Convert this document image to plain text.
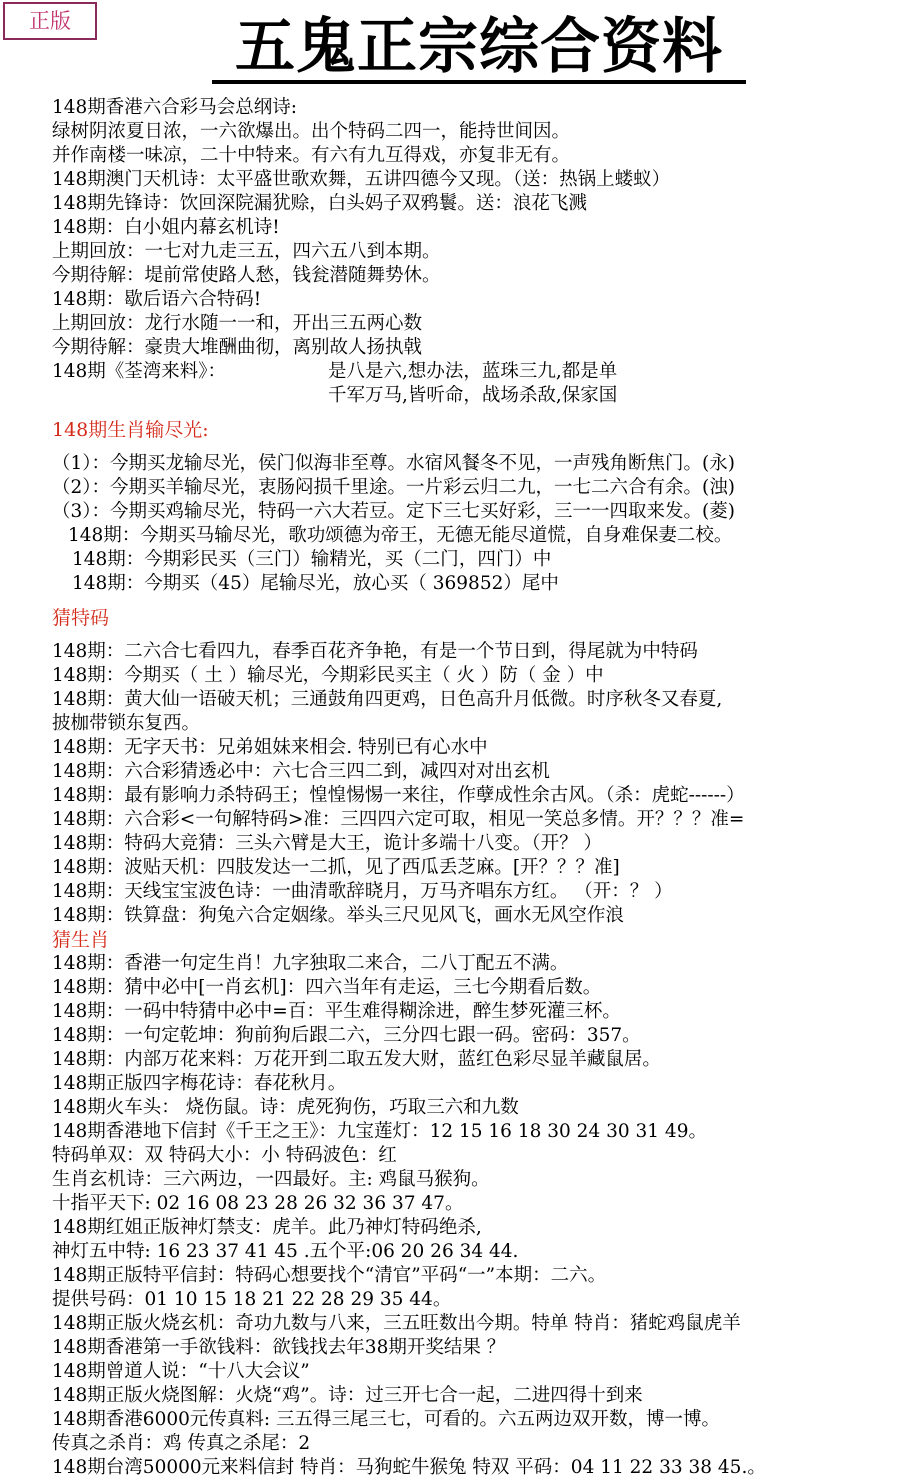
正版	五鬼正宗综合资料
148期香港六合彩马会总纲诗:
绿树阴浓夏日浓，一六欲爆出。出个特码二四一，能持世间因。
并作南楼一味凉，二十中特来。有六有九互得戏，亦复非无有。
148期澳门天机诗：太平盛世歌欢舞，五讲四德今又现。（送：热锅上蝼蚁）
148期先锋诗：饮回深院漏犹赊，白头妈子双鸦鬟。送：浪花飞溅
148期：白小姐内幕玄机诗!
上期回放：一七对九走三五，四六五八到本期。
今期待解：堤前常使路人愁，钱瓮潜随舞势休。
148期：歇后语六合特码!
上期回放：龙行水随一一和，开出三五两心数
今期待解：豪贵大堆酬曲彻，离别故人扬执戟
148期《荃湾来料》：	是八是六,想办法，蓝珠三九,都是单
千军万马,皆听命，战场杀敌,保家国
148期生肖输尽光:
（1）：今期买龙输尽光，侯门似海非至尊。水宿风餐冬不见，一声残角断焦门。(永)
（2）：今期买羊输尽光，衷肠闷损千里途。一片彩云归二九，一七二六合有余。(浊)
（3）：今期买鸡输尽光，特码一六大若豆。定下三七买好彩，三一一四取来发。(菱)
148期：今期买马输尽光，歌功颂德为帝王，无德无能尽道慌，自身难保妻二校。
148期：今期彩民买（三门）输精光，买（二门，四门）中
148期：今期买（45）尾输尽光，放心买（ 369852）尾中
猜特码
148期：二六合七看四九，春季百花齐争艳，有是一个节日到，得尾就为中特码
148期：今期买（ 土 ）输尽光，今期彩民买主（ 火 ）防（ 金 ）中
148期：黄大仙一语破天机；三通鼓角四更鸡，日色高升月低微。时序秋冬又春夏,
披枷带锁东复西。
148期：无字天书：兄弟姐妹来相会. 特别已有心水中
148期：六合彩猜透必中：六七合三四二到，减四对对出玄机
148期：最有影响力杀特码王；惶惶惕惕一来往，作孽成性余古风。（杀：虎蛇------）
148期：六合彩<一句解特码>准：三四四六定可取，相见一笑总多情。开？？？准=
148期：特码大竞猜：三头六臂是大王，诡计多端十八变。（开？ ）
148期：波贴天机：四肢发达一二抓，见了西瓜丢芝麻。[开？？？准]
148期：天线宝宝波色诗：一曲清歌辞晓月，万马齐唱东方红。 （开：？ ）
148期：铁算盘：狗兔六合定姻缘。举头三尺见风飞，画水无风空作浪
猜生肖
148期：香港一句定生肖！九字独取二来合，二八丁配五不满。
148期：猜中必中[一肖玄机]：四六当年有走运，三七今期看后数。
148期：一码中特猜中必中=百：平生难得糊涂进，醉生梦死灌三杯。
148期：一句定乾坤：狗前狗后跟二六，三分四七跟一码。密码：357。
148期：内部万花来料：万花开到二取五发大财，蓝红色彩尽显羊藏鼠居。
148期正版四字梅花诗：春花秋月。
148期火车头： 烧伤鼠。诗：虎死狗伤，巧取三六和九数
148期香港地下信封《千王之王》：九宝莲灯：12 15 16 18 30 24 30 31 49。
特码单双：双 特码大小：小 特码波色：红
生肖玄机诗：三六两边，一四最好。主: 鸡鼠马猴狗。
十指平天下: 02 16 08 23 28 26 32 36 37 47。
148期红姐正版神灯禁支：虎羊。此乃神灯特码绝杀,
神灯五中特: 16 23 37 41 45 .五个平:06 20 26 34 44.
148期正版特平信封：特码心想要找个“清官”平码“一”本期：二六。
提供号码：01 10 15 18 21 22 28 29 35 44。
148期正版火烧玄机：奇功九数与八来，三五旺数出今期。特单 特肖：猪蛇鸡鼠虎羊
148期香港第一手欲钱料：欲钱找去年38期开奖结果 ？
148期曾道人说：“十八大会议”
148期正版火烧图解：火烧“鸡”。诗：过三开七合一起，二进四得十到来
148期香港6000元传真料: 三五得三尾三七，可看的。六五两边双开数，博一博。
传真之杀肖：鸡 传真之杀尾：2
148期台湾50000元来料信封 特肖：马狗蛇牛猴兔 特双 平码：04 11 22 33 38 45.。
